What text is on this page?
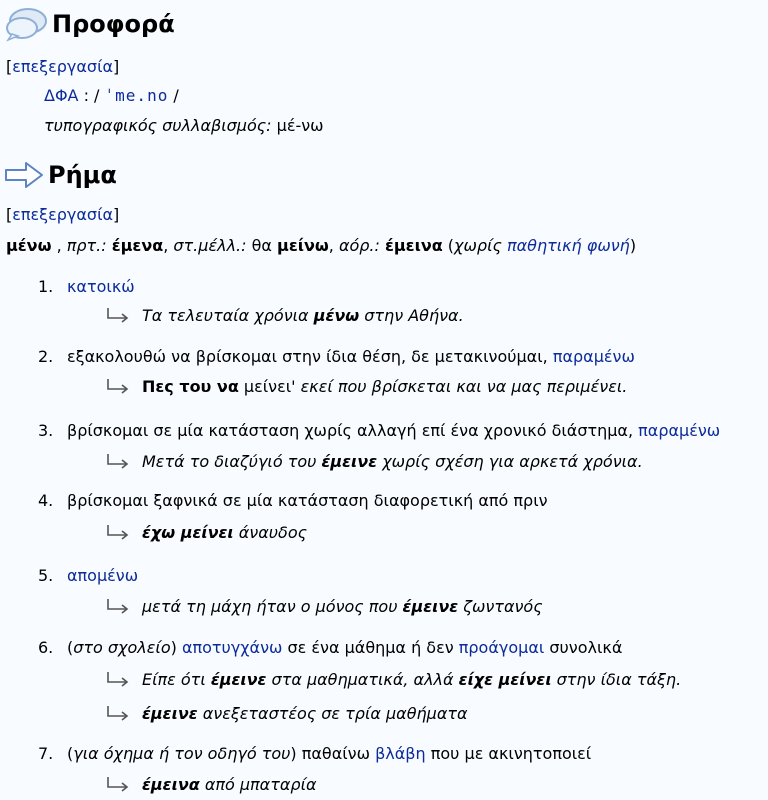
Προφορά
[επεξεργασία]
ΔΦΑ : / ˈme.no /
τυπογραφικός συλλαβισμός: μέ-νω
Ρήμα
[επεξεργασία]
μένω , πρτ.: έμενα, στ.μέλλ.: θα μείνω, αόρ.: έμεινα (χωρίς παθητική φωνή)
1. κατοικώ
Τα τελευταία χρόνια μένω στην Αθήνα.
2. εξακολουθώ να βρίσκομαι στην ίδια θέση, δε μετακινούμαι, παραμένω
Πες του να μείνει' εκεί που βρίσκεται και να μας περιμένει.
3. βρίσκομαι σε μία κατάσταση χωρίς αλλαγή επί ένα χρονικό διάστημα, παραμένω
Μετά το διαζύγιό του έμεινε χωρίς σχέση για αρκετά χρόνια.
4. βρίσκομαι ξαφνικά σε μία κατάσταση διαφορετική από πριν
έχω μείνει άναυδος
5. απομένω
μετά τη μάχη ήταν ο μόνος που έμεινε ζωντανός
6. (στο σχολείο) αποτυγχάνω σε ένα μάθημα ή δεν προάγομαι συνολικά
Είπε ότι έμεινε στα μαθηματικά, αλλά είχε μείνει στην ίδια τάξη.
έμεινε ανεξεταστέος σε τρία μαθήματα
7. (για όχημα ή τον οδηγό του) παθαίνω βλάβη που με ακινητοποιεί
έμεινα από μπαταρία
